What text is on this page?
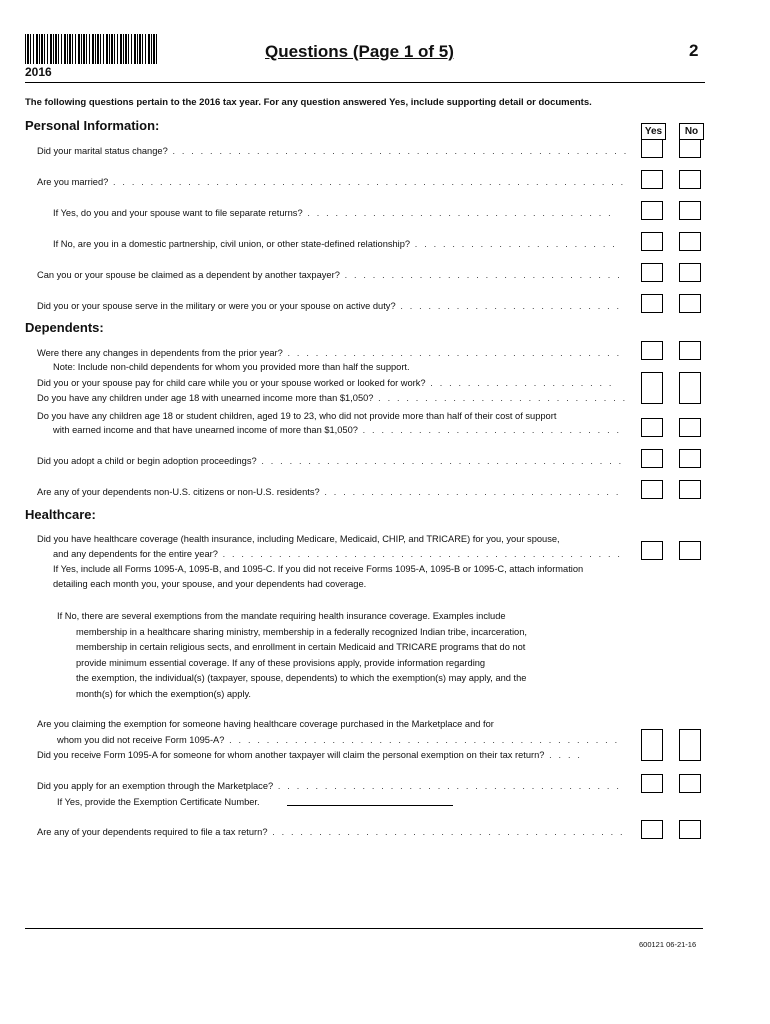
2016
Questions (Page 1 of 5)	2
The following questions pertain to the 2016 tax year. For any question answered Yes, include supporting detail or documents.
Personal Information:	Yes	No
Did your marital status change? . . . . . . . . . . . . . . . . . . . . . . . . . . . . . . . . . . . . . . . . . . . . . . . . .
Are you married? . . . . . . . . . . . . . . . . . . . . . . . . . . . . . . . . . . . . . . . . . . . . . . . . . . . . . . .
If Yes, do you and your spouse want to file separate returns? . . . . . . . . . . . . . . . . . . . . . . . . . . . . . . . . .
If No, are you in a domestic partnership, civil union, or other state-defined relationship? . . . . . . . . . . . . . . . . . . . . . .
Can you or your spouse be claimed as a dependent by another taxpayer? . . . . . . . . . . . . . . . . . . . . . . . . . . . . . .
Did you or your spouse serve in the military or were you or your spouse on active duty? . . . . . . . . . . . . . . . . . . . . . . . .
Dependents:
Were there any changes in dependents from the prior year? . . . . . . . . . . . . . . . . . . . . . . . . . . . . . . . . . . . .
Note: Include non-child dependents for whom you provided more than half the support.
Did you or your spouse pay for child care while you or your spouse worked or looked for work? . . . . . . . . . . . . . . . . . . . .
Do you have any children under age 18 with unearned income more than $1,050? . . . . . . . . . . . . . . . . . . . . . . . . . . .
Do you have any children age 18 or student children, aged 19 to 23, who did not provide more than half of their cost of support
with earned income and that have unearned income of more than $1,050? . . . . . . . . . . . . . . . . . . . . . . . . . . . .
Did you adopt a child or begin adoption proceedings? . . . . . . . . . . . . . . . . . . . . . . . . . . . . . . . . . . . . . . .
Are any of your dependents non-U.S. citizens or non-U.S. residents? . . . . . . . . . . . . . . . . . . . . . . . . . . . . . . . .
Healthcare:
Did you have healthcare coverage (health insurance, including Medicare, Medicaid, CHIP, and TRICARE) for you, your spouse,
and any dependents for the entire year? . . . . . . . . . . . . . . . . . . . . . . . . . . . . . . . . . . . . . . . . . . .
If Yes, include all Forms 1095-A, 1095-B, and 1095-C. If you did not receive Forms 1095-A, 1095-B or 1095-C, attach information
detailing each month you, your spouse, and your dependents had coverage.
If No, there are several exemptions from the mandate requiring health insurance coverage. Examples include
membership in a healthcare sharing ministry, membership in a federally recognized Indian tribe, incarceration,
membership in certain religious sects, and enrollment in certain Medicaid and TRICARE programs that do not
provide minimum essential coverage. If any of these provisions apply, provide information regarding
the exemption, the individual(s) (taxpayer, spouse, dependents) to which the exemption(s) may apply, and the
month(s) for which the exemption(s) apply.
Are you claiming the exemption for someone having healthcare coverage purchased in the Marketplace and for
whom you did not receive Form 1095-A? . . . . . . . . . . . . . . . . . . . . . . . . . . . . . . . . . . . . . . . . . .
Did you receive Form 1095-A for someone for whom another taxpayer will claim the personal exemption on their tax return? . . . .
Did you apply for an exemption through the Marketplace? . . . . . . . . . . . . . . . . . . . . . . . . . . . . . . . . . . . . .
If Yes, provide the Exemption Certificate Number.
Are any of your dependents required to file a tax return? . . . . . . . . . . . . . . . . . . . . . . . . . . . . . . . . . . . . . .
600121 06-21-16
